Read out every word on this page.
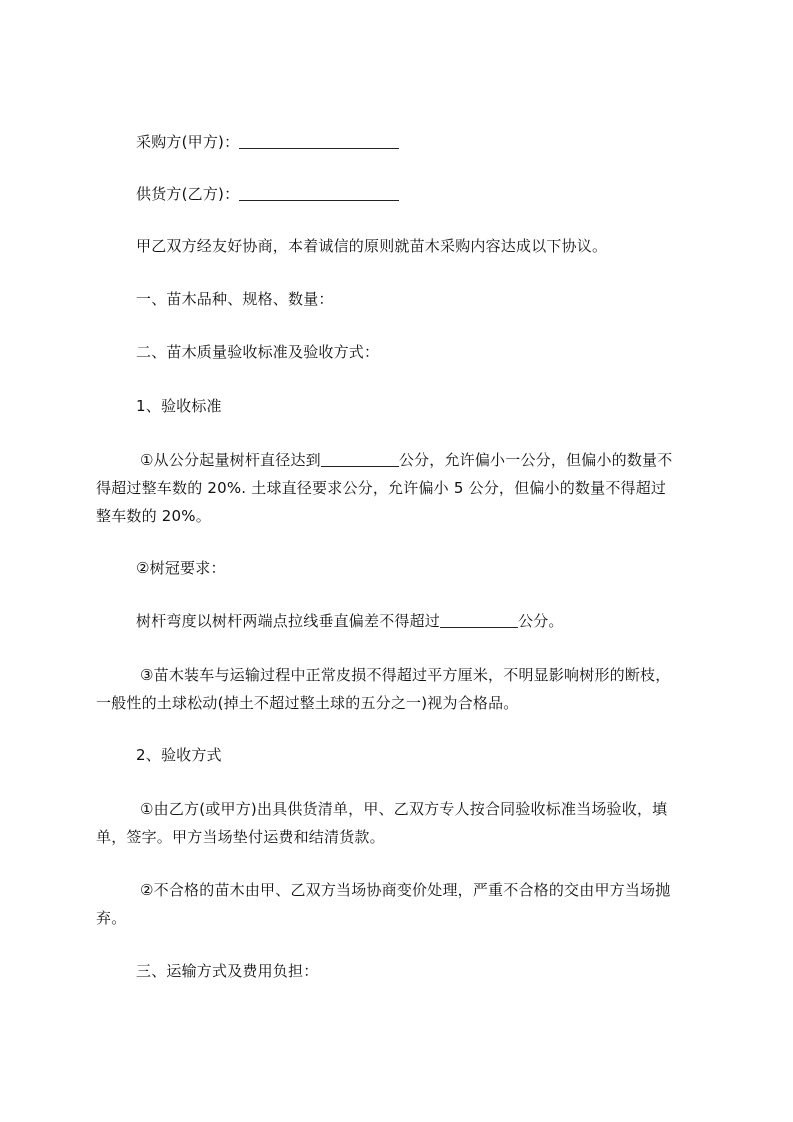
采购方(甲方)：
供货方(乙方)：
甲乙双方经友好协商，本着诚信的原则就苗木采购内容达成以下协议。
一、苗木品种、规格、数量：
二、苗木质量验收标准及验收方式：
1、验收标准
①从公分起量树杆直径达到	公分，允许偏小一公分，但偏小的数量不
得超过整车数的 20%. 土球直径要求公分，允许偏小 5 公分，但偏小的数量不得超过
整车数的 20%。
②树冠要求：
树杆弯度以树杆两端点拉线垂直偏差不得超过	公分。
③苗木装车与运输过程中正常皮损不得超过平方厘米，不明显影响树形的断枝，
一般性的土球松动(掉土不超过整土球的五分之一)视为合格品。
2、验收方式
①由乙方(或甲方)出具供货清单，甲、乙双方专人按合同验收标准当场验收，填
单，签字。甲方当场垫付运费和结清货款。
②不合格的苗木由甲、乙双方当场协商变价处理，严重不合格的交由甲方当场抛
弃。
三、运输方式及费用负担：
